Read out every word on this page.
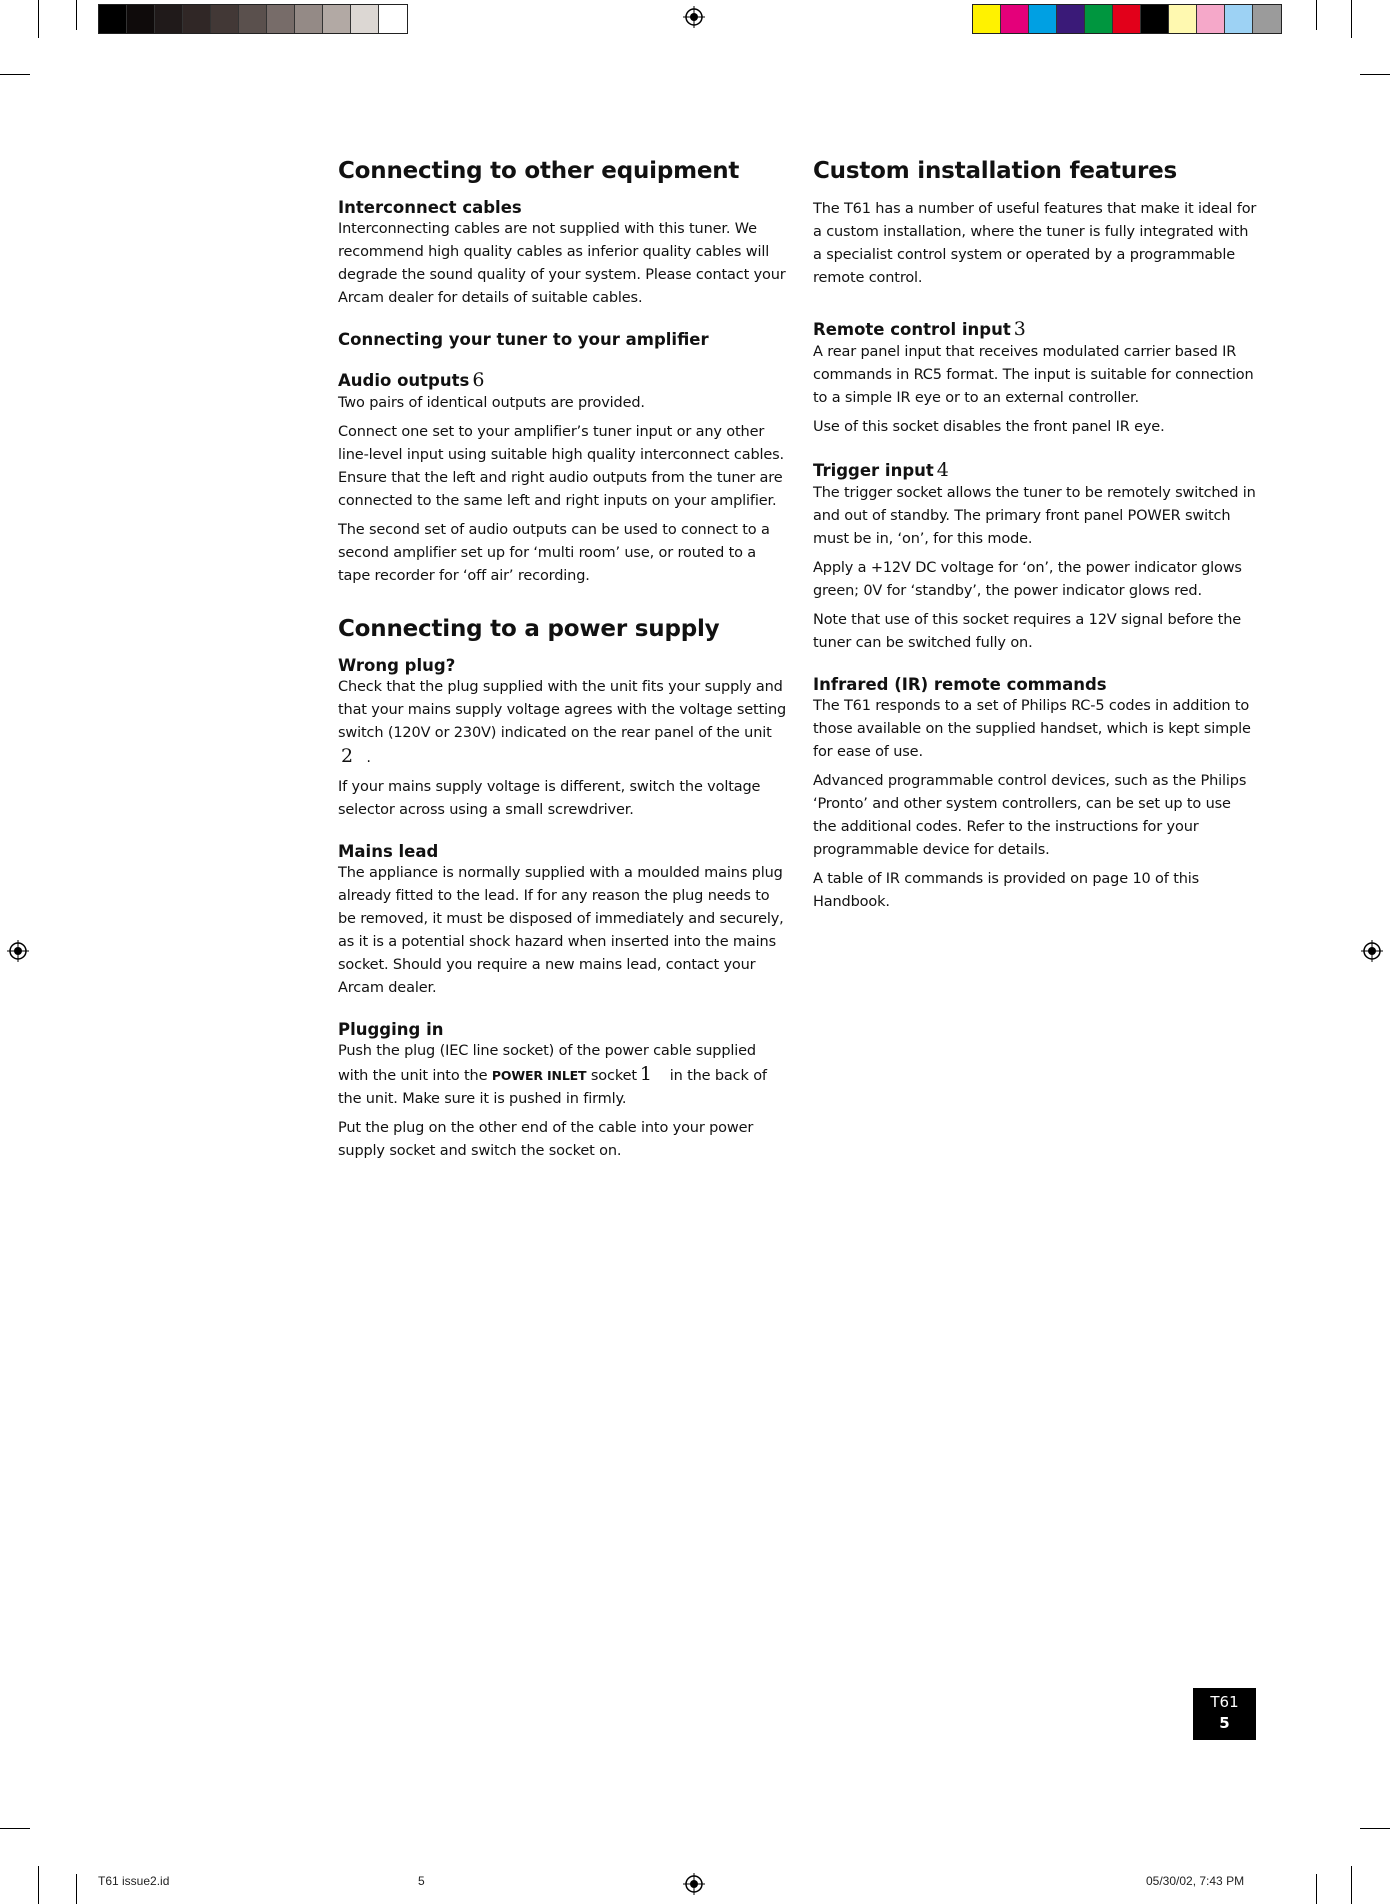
Connecting to other equipment
Interconnect cables

Interconnecting cables are not supplied with this tuner. We recommend high quality cables as inferior quality cables will degrade the sound quality of your system. Please contact your Arcam dealer for details of suitable cables.

Connecting your tuner to your amplifier
Audio outputs 6

Two pairs of identical outputs are provided.

Connect one set to your amplifier’s tuner input or any other line-level input using suitable high quality interconnect cables. Ensure that the left and right audio outputs from the tuner are connected to the same left and right inputs on your amplifier.

The second set of audio outputs can be used to connect to a second amplifier set up for ‘multi room’ use, or routed to a tape recorder for ‘off air’ recording.

Connecting to a power supply
Wrong plug?

Check that the plug supplied with the unit fits your supply and that your mains supply voltage agrees with the voltage setting switch (120V or 230V) indicated on the rear panel of the unit 2 .

If your mains supply voltage is different, switch the voltage selector across using a small screwdriver.

Mains lead

The appliance is normally supplied with a moulded mains plug already fitted to the lead. If for any reason the plug needs to be removed, it must be disposed of immediately and securely, as it is a potential shock hazard when inserted into the mains socket. Should you require a new mains lead, contact your Arcam dealer.

Plugging in

Push the plug (IEC line socket) of the power cable supplied with the unit into the POWER INLET socket 1 in the back of the unit. Make sure it is pushed in firmly.

Put the plug on the other end of the cable into your power supply socket and switch the socket on.

Custom installation features

The T61 has a number of useful features that make it ideal for a custom installation, where the tuner is fully integrated with a specialist control system or operated by a programmable remote control.

Remote control input 3

A rear panel input that receives modulated carrier based IR commands in RC5 format. The input is suitable for connection to a simple IR eye or to an external controller.

Use of this socket disables the front panel IR eye.

Trigger input 4

The trigger socket allows the tuner to be remotely switched in and out of standby. The primary front panel POWER switch must be in, ‘on’, for this mode.

Apply a +12V DC voltage for ‘on’, the power indicator glows green; 0V for ‘standby’, the power indicator glows red.

Note that use of this socket requires a 12V signal before the tuner can be switched fully on.

Infrared (IR) remote commands

The T61 responds to a set of Philips RC-5 codes in addition to those available on the supplied handset, which is kept simple for ease of use.

Advanced programmable control devices, such as the Philips ‘Pronto’ and other system controllers, can be set up to use the additional codes. Refer to the instructions for your programmable device for details.

A table of IR commands is provided on page 10 of this Handbook.

T61
5
T61 issue2.id	5	05/30/02, 7:43 PM
